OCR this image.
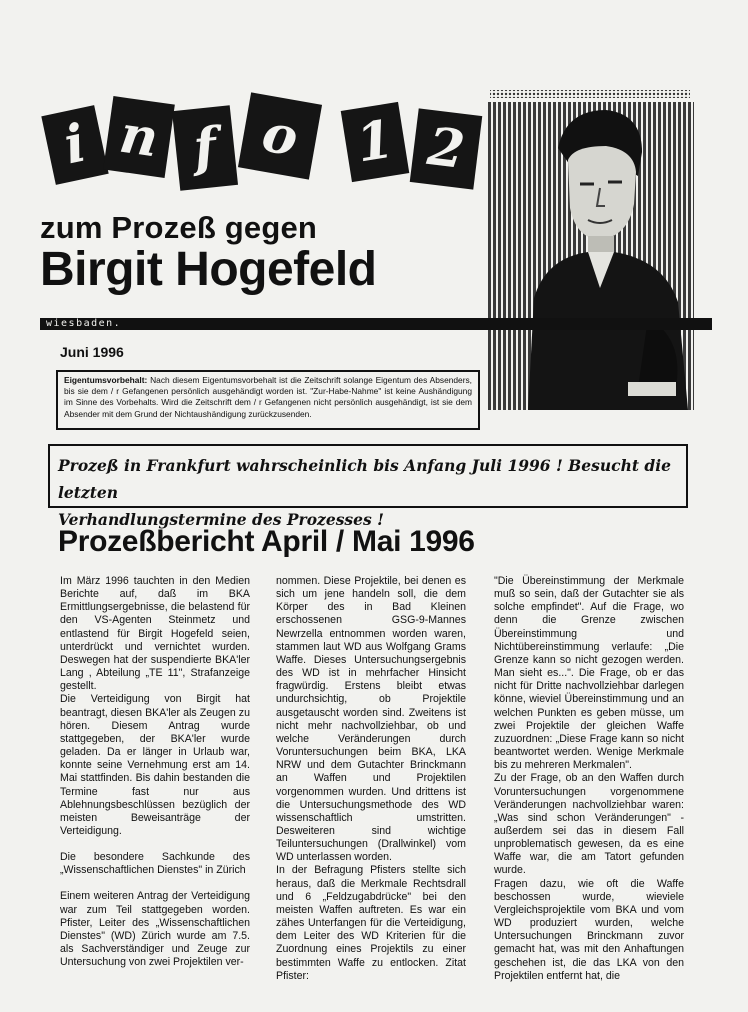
i n f o 1 2
zum Prozeß gegen
Birgit Hogefeld
wiesbaden.
Juni 1996
Eigentumsvorbehalt: Nach diesem Eigentumsvorbehalt ist die Zeitschrift solange Eigentum des Absenders, bis sie dem / r Gefangenen persönlich ausgehändigt worden ist. "Zur-Habe-Nahme" ist keine Aushändigung im Sinne des Vorbehalts. Wird die Zeitschrift dem / r Gefangenen nicht persönlich ausgehändigt, ist sie dem Absender mit dem Grund der Nichtaushändigung zurückzusenden.
Prozeß in Frankfurt wahrscheinlich bis Anfang Juli 1996 ! Besucht die letzten
Verhandlungstermine des Prozesses !
Prozeßbericht April / Mai 1996

Im März 1996 tauchten in den Medien Berichte auf, daß im BKA Ermittlungsergebnisse, die belastend für den VS-Agenten Steinmetz und entlastend für Birgit Hogefeld seien, unterdrückt und vernichtet wurden. Deswegen hat der suspendierte BKA'ler Lang , Abteilung „TE 11", Strafanzeige gestellt.

Die Verteidigung von Birgit hat beantragt, diesen BKA'ler als Zeugen zu hören. Diesem Antrag wurde stattgegeben, der BKA'ler wurde geladen. Da er länger in Urlaub war, konnte seine Vernehmung erst am 14. Mai stattfinden. Bis dahin bestanden die Termine fast nur aus Ablehnungsbeschlüssen bezüglich der meisten Beweisanträge der Verteidigung.

Die besondere Sachkunde des „Wissenschaftlichen Dienstes" in Zürich

Einem weiteren Antrag der Verteidigung war zum Teil stattgegeben worden. Pfister, Leiter des „Wissenschaftlichen Dienstes" (WD) Zürich wurde am 7.5. als Sachverständiger und Zeuge zur Untersuchung von zwei Projektilen ver-

nommen. Diese Projektile, bei denen es sich um jene handeln soll, die dem Körper des in Bad Kleinen erschossenen GSG-9-Mannes Newrzella entnommen worden waren, stammen laut WD aus Wolfgang Grams Waffe. Dieses Untersuchungsergebnis des WD ist in mehrfacher Hinsicht fragwürdig. Erstens bleibt etwas undurchsichtig, ob Projektile ausgetauscht worden sind. Zweitens ist nicht mehr nachvollziehbar, ob und welche Veränderungen durch Voruntersuchungen beim BKA, LKA NRW und dem Gutachter Brinckmann an Waffen und Projektilen vorgenommen wurden. Und drittens ist die Untersuchungsmethode des WD wissenschaftlich umstritten. Desweiteren sind wichtige Teiluntersuchungen (Drallwinkel) vom WD unterlassen worden.

In der Befragung Pfisters stellte sich heraus, daß die Merkmale Rechtsdrall und 6 „Feldzugabdrücke" bei den meisten Waffen auftreten. Es war ein zähes Unterfangen für die Verteidigung, dem Leiter des WD Kriterien für die Zuordnung eines Projektils zu einer bestimmten Waffe zu entlocken. Zitat Pfister:

"Die Übereinstimmung der Merkmale muß so sein, daß der Gutachter sie als solche empfindet". Auf die Frage, wo denn die Grenze zwischen Übereinstimmung und Nichtübereinstimmung verlaufe: „Die Grenze kann so nicht gezogen werden. Man sieht es...". Die Frage, ob er das nicht für Dritte nachvollziehbar darlegen könne, wieviel Übereinstimmung und an welchen Punkten es geben müsse, um zwei Projektile der gleichen Waffe zuzuordnen: „Diese Frage kann so nicht beantwortet werden. Wenige Merkmale bis zu mehreren Merkmalen".

Zu der Frage, ob an den Waffen durch Voruntersuchungen vorgenommene Veränderungen nachvollziehbar waren: „Was sind schon Veränderungen" - außerdem sei das in diesem Fall unproblematisch gewesen, da es eine Waffe war, die am Tatort gefunden wurde.

Fragen dazu, wie oft die Waffe beschossen wurde, wieviele Vergleichsprojektile vom BKA und vom WD produziert wurden, welche Untersuchungen Brinckmann zuvor gemacht hat, was mit den Anhaftungen geschehen ist, die das LKA von den Projektilen entfernt hat, die
